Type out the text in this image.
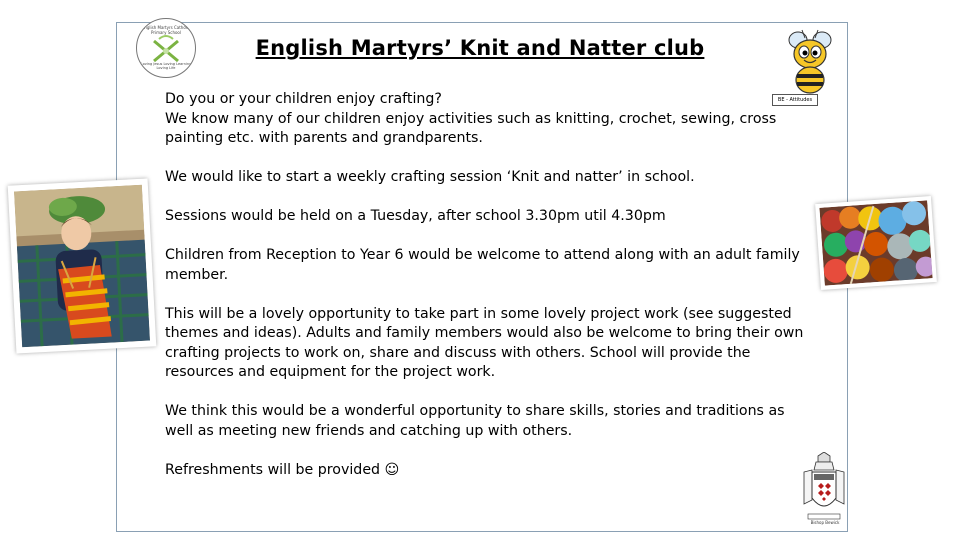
English Martyrs Catholic Primary School
Loving Jesus Loving Learning Loving Life
English Martyrs’ Knit and Natter club
BE - Attitudes

Do you or your children enjoy crafting?

We know many of our children enjoy activities such as knitting, crochet, sewing, cross painting etc. with parents and grandparents.

We would like to start a weekly crafting session ‘Knit and natter’ in school.

Sessions would be held on a Tuesday, after school 3.30pm util 4.30pm

Children from Reception to Year 6 would be welcome to attend along with an adult family member.

This will be a lovely opportunity to take part in some lovely project work (see suggested themes and ideas). Adults and family members would also be welcome to bring their own crafting projects to work on, share and discuss with others. School will provide the resources and equipment for the project work.

We think this would be a wonderful opportunity to share skills, stories and traditions as well as meeting new friends and catching up with others.

Refreshments will be provided ☺

Bishop Bewick
